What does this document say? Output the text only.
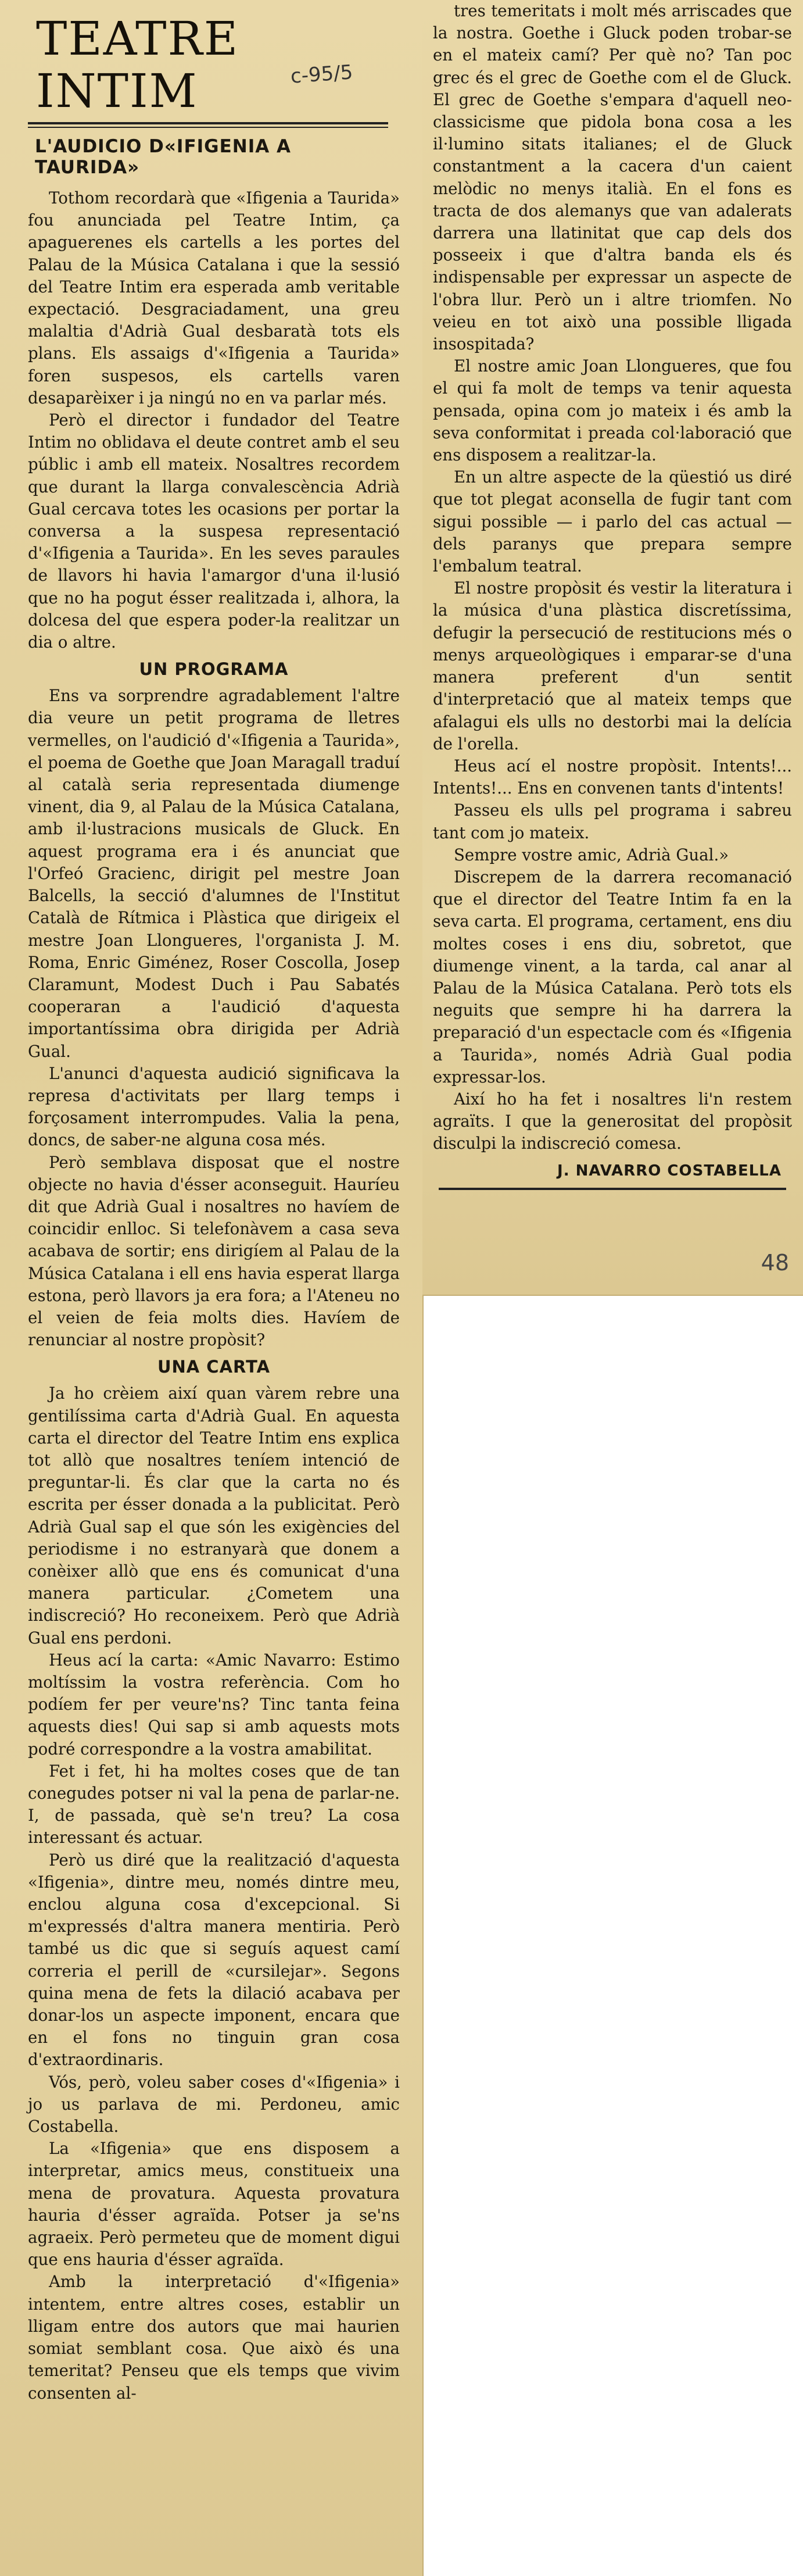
TEATRE INTIM
L'AUDICIO D«IFIGENIA A TAURIDA»

Tothom recordarà que «Ifigenia a Taurida» fou anunciada pel Teatre Intim, ça apaguerenes els cartells a les portes del Palau de la Música Catalana i que la sessió del Teatre Intim era esperada amb veritable expectació. Desgraciadament, una greu malaltia d'Adrià Gual desbaratà tots els plans. Els assaigs d'«Ifigenia a Taurida» foren suspesos, els cartells varen desaparèixer i ja ningú no en va parlar més.

Però el director i fundador del Teatre Intim no oblidava el deute contret amb el seu públic i amb ell mateix. Nosaltres recordem que durant la llarga convalescència Adrià Gual cercava totes les ocasions per portar la conversa a la suspesa representació d'«Ifigenia a Taurida». En les seves paraules de llavors hi havia l'amargor d'una il·lusió que no ha pogut ésser realitzada i, alhora, la dolcesa del que espera poder-la realitzar un dia o altre.

UN PROGRAMA

Ens va sorprendre agradablement l'altre dia veure un petit programa de lletres vermelles, on l'audició d'«Ifigenia a Taurida», el poema de Goethe que Joan Maragall traduí al català seria representada diumenge vinent, dia 9, al Palau de la Música Catalana, amb il·lustracions musicals de Gluck. En aquest programa era i és anunciat que l'Orfeó Gracienc, dirigit pel mestre Joan Balcells, la secció d'alumnes de l'Institut Català de Rítmica i Plàstica que dirigeix el mestre Joan Llongueres, l'organista J. M. Roma, Enric Giménez, Roser Coscolla, Josep Claramunt, Modest Duch i Pau Sabatés cooperaran a l'audició d'aquesta importantíssima obra dirigida per Adrià Gual.

L'anunci d'aquesta audició significava la represa d'activitats per llarg temps i forçosament interrompudes. Valia la pena, doncs, de saber-ne alguna cosa més.

Però semblava disposat que el nostre objecte no havia d'ésser aconseguit. Hauríeu dit que Adrià Gual i nosaltres no havíem de coincidir enlloc. Si telefonàvem a casa seva acabava de sortir; ens dirigíem al Palau de la Música Catalana i ell ens havia esperat llarga estona, però llavors ja era fora; a l'Ateneu no el veien de feia molts dies. Havíem de renunciar al nostre propòsit?

UNA CARTA

Ja ho crèiem així quan vàrem rebre una gentilíssima carta d'Adrià Gual. En aquesta carta el director del Teatre Intim ens explica tot allò que nosaltres teníem intenció de preguntar-li. És clar que la carta no és escrita per ésser donada a la publicitat. Però Adrià Gual sap el que són les exigències del periodisme i no estranyarà que donem a conèixer allò que ens és comunicat d'una manera particular. ¿Cometem una indiscreció? Ho reconeixem. Però que Adrià Gual ens perdoni.

Heus ací la carta: «Amic Navarro: Estimo moltíssim la vostra referència. Com ho podíem fer per veure'ns? Tinc tanta feina aquests dies! Qui sap si amb aquests mots podré correspondre a la vostra amabilitat.

Fet i fet, hi ha moltes coses que de tan conegudes potser ni val la pena de parlar-ne. I, de passada, què se'n treu? La cosa interessant és actuar.

Però us diré que la realització d'aquesta «Ifigenia», dintre meu, només dintre meu, enclou alguna cosa d'excepcional. Si m'expressés d'altra manera mentiria. Però també us dic que si seguís aquest camí correria el perill de «cursilejar». Segons quina mena de fets la dilació acabava per donar-los un aspecte imponent, encara que en el fons no tinguin gran cosa d'extraordinaris.

Vós, però, voleu saber coses d'«Ifigenia» i jo us parlava de mi. Perdoneu, amic Costabella.

La «Ifigenia» que ens disposem a interpretar, amics meus, constitueix una mena de provatura. Aquesta provatura hauria d'ésser agraïda. Potser ja se'ns agraeix. Però permeteu que de moment digui que ens hauria d'ésser agraïda.

Amb la interpretació d'«Ifigenia» intentem, entre altres coses, establir un lligam entre dos autors que mai haurien somiat semblant cosa. Que això és una temeritat? Penseu que els temps que vivim consenten al-

c-95/5

tres temeritats i molt més arriscades que la nostra. Goethe i Gluck poden trobar-se en el mateix camí? Per què no? Tan poc grec és el grec de Goethe com el de Gluck. El grec de Goethe s'empara d'aquell neo-classicisme que pidola bona cosa a les il·lumino sitats italianes; el de Gluck constantment a la cacera d'un caient melòdic no menys italià. En el fons es tracta de dos alemanys que van adalerats darrera una llatinitat que cap dels dos posseeix i que d'altra banda els és indispensable per expressar un aspecte de l'obra llur. Però un i altre triomfen. No veieu en tot això una possible lligada insospitada?

El nostre amic Joan Llongueres, que fou el qui fa molt de temps va tenir aquesta pensada, opina com jo mateix i és amb la seva conformitat i preada col·laboració que ens disposem a realitzar-la.

En un altre aspecte de la qüestió us diré que tot plegat aconsella de fugir tant com sigui possible — i parlo del cas actual — dels paranys que prepara sempre l'embalum teatral.

El nostre propòsit és vestir la literatura i la música d'una plàstica discretíssima, defugir la persecució de restitucions més o menys arqueològiques i emparar-se d'una manera preferent d'un sentit d'interpretació que al mateix temps que afalagui els ulls no destorbi mai la delícia de l'orella.

Heus ací el nostre propòsit. Intents!... Intents!... Ens en convenen tants d'intents!

Passeu els ulls pel programa i sabreu tant com jo mateix.

Sempre vostre amic, Adrià Gual.»

Discrepem de la darrera recomanació que el director del Teatre Intim fa en la seva carta. El programa, certament, ens diu moltes coses i ens diu, sobretot, que diumenge vinent, a la tarda, cal anar al Palau de la Música Catalana. Però tots els neguits que sempre hi ha darrera la preparació d'un espectacle com és «Ifigenia a Taurida», només Adrià Gual podia expressar-los.

Així ho ha fet i nosaltres li'n restem agraïts. I que la generositat del propòsit disculpi la indiscreció comesa.

J. NAVARRO COSTABELLA
48
